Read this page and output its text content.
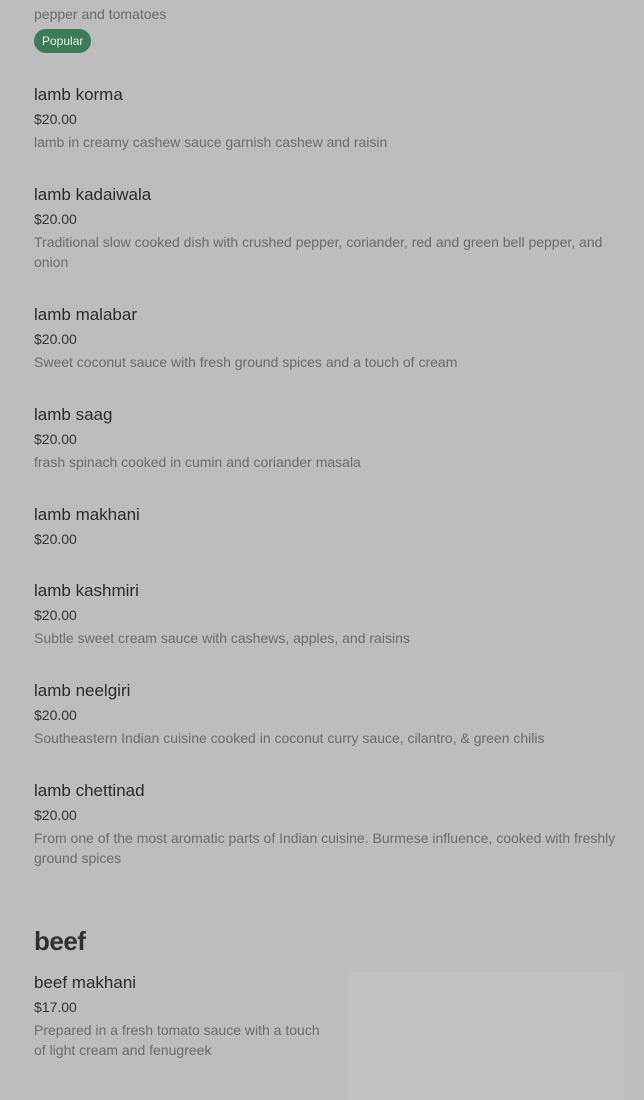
pepper and tomatoes
Popular
lamb korma
$20.00
lamb in creamy cashew sauce garnish cashew and raisin
lamb kadaiwala
$20.00
Traditional slow cooked dish with crushed pepper, coriander, red and green bell pepper, and onion
lamb malabar
$20.00
Sweet coconut sauce with fresh ground spices and a touch of cream
lamb saag
$20.00
frash spinach cooked in cumin and coriander masala
lamb makhani
$20.00
lamb kashmiri
$20.00
Subtle sweet cream sauce with cashews, apples, and raisins
lamb neelgiri
$20.00
Southeastern Indian cuisine cooked in coconut curry sauce, cilantro, & green chilis
lamb chettinad
$20.00
From one of the most aromatic parts of Indian cuisine. Burmese influence, cooked with freshly ground spices
beef
beef makhani
$17.00
Prepared in a fresh tomato sauce with a touch of light cream and fenugreek
